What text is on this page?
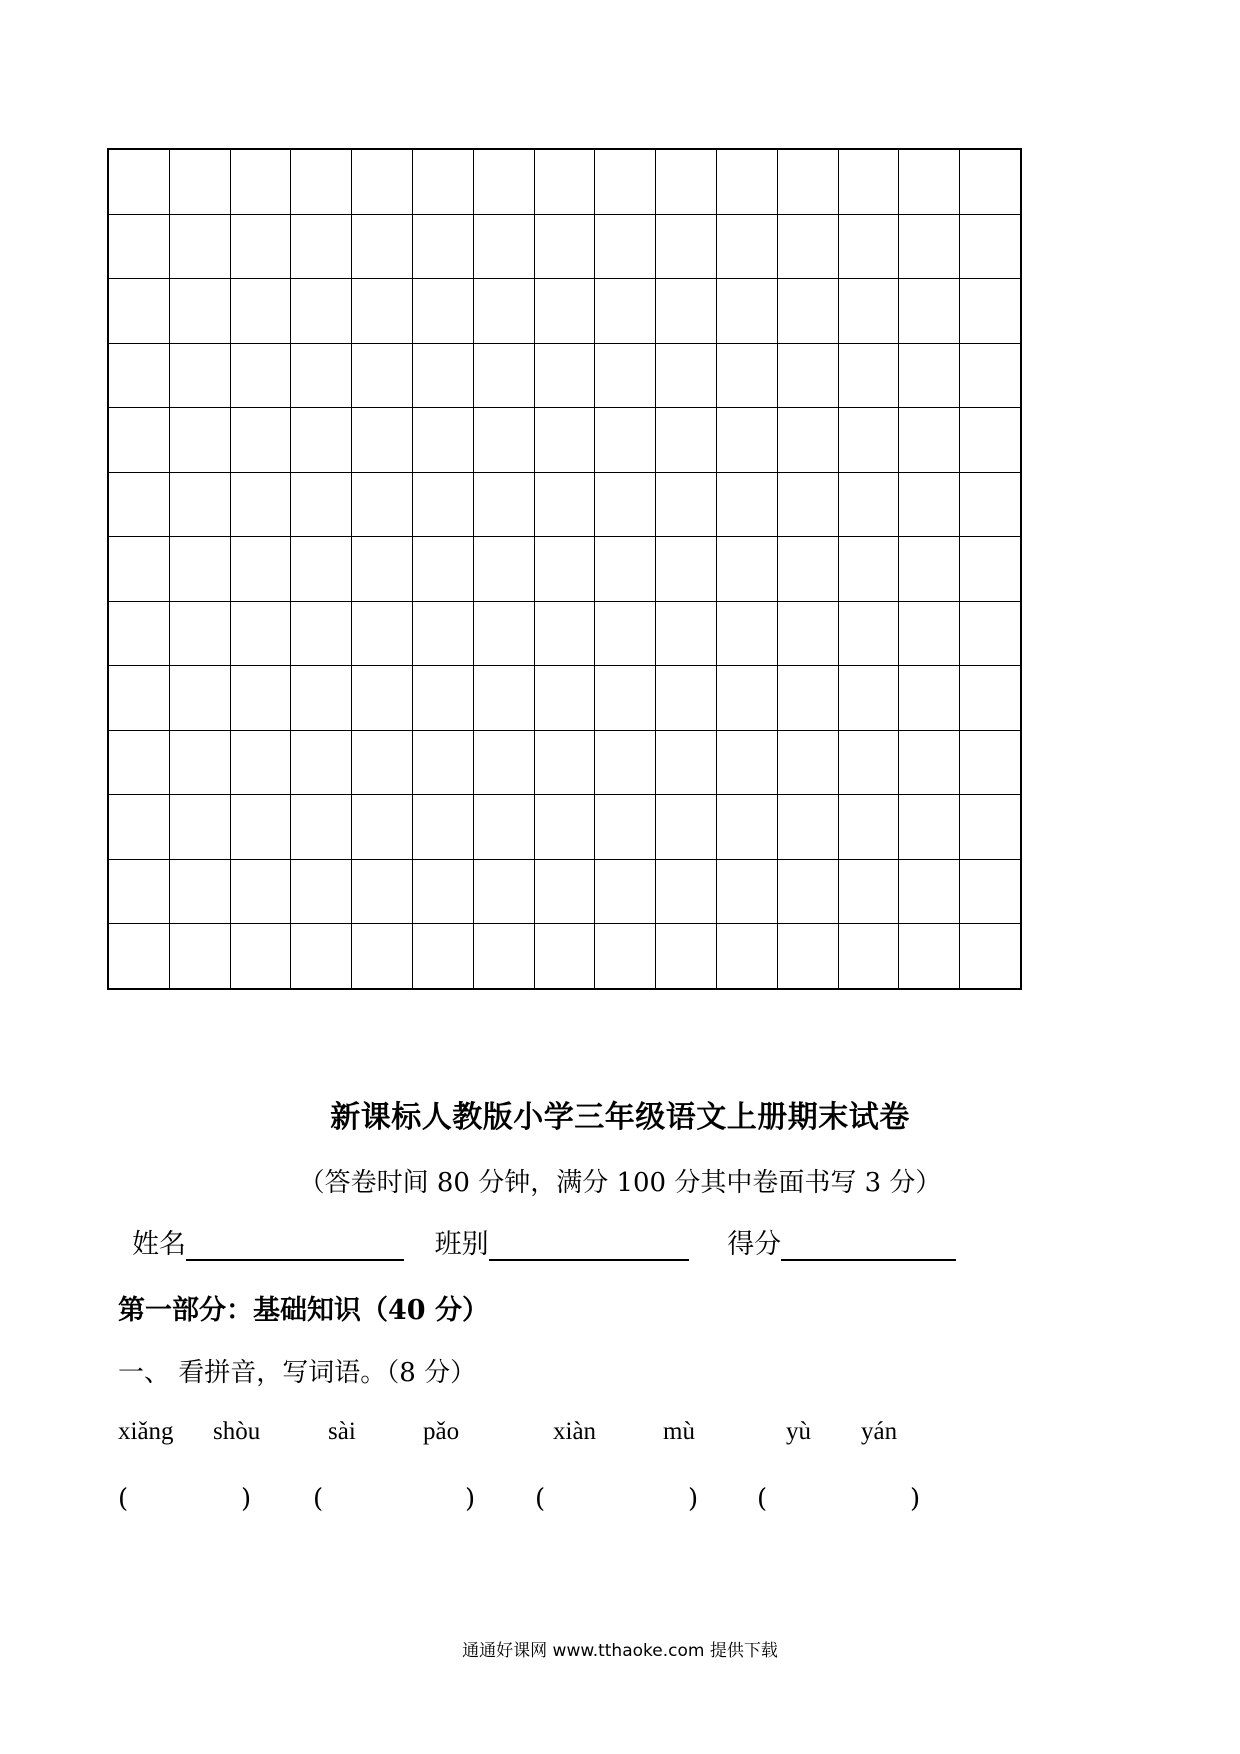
新课标人教版小学三年级语文上册期末试卷
（答卷时间 80 分钟，满分 100 分其中卷面书写 3 分）
姓名	班别	得分
第一部分：基础知识（40 分）
一、 看拼音，写词语。（8 分）
xiǎng shòu	sài	pǎo	xiàn	mù	yù yán
(	) (	) (	) (	)
通通好课网 www.tthaoke.com 提供下载
